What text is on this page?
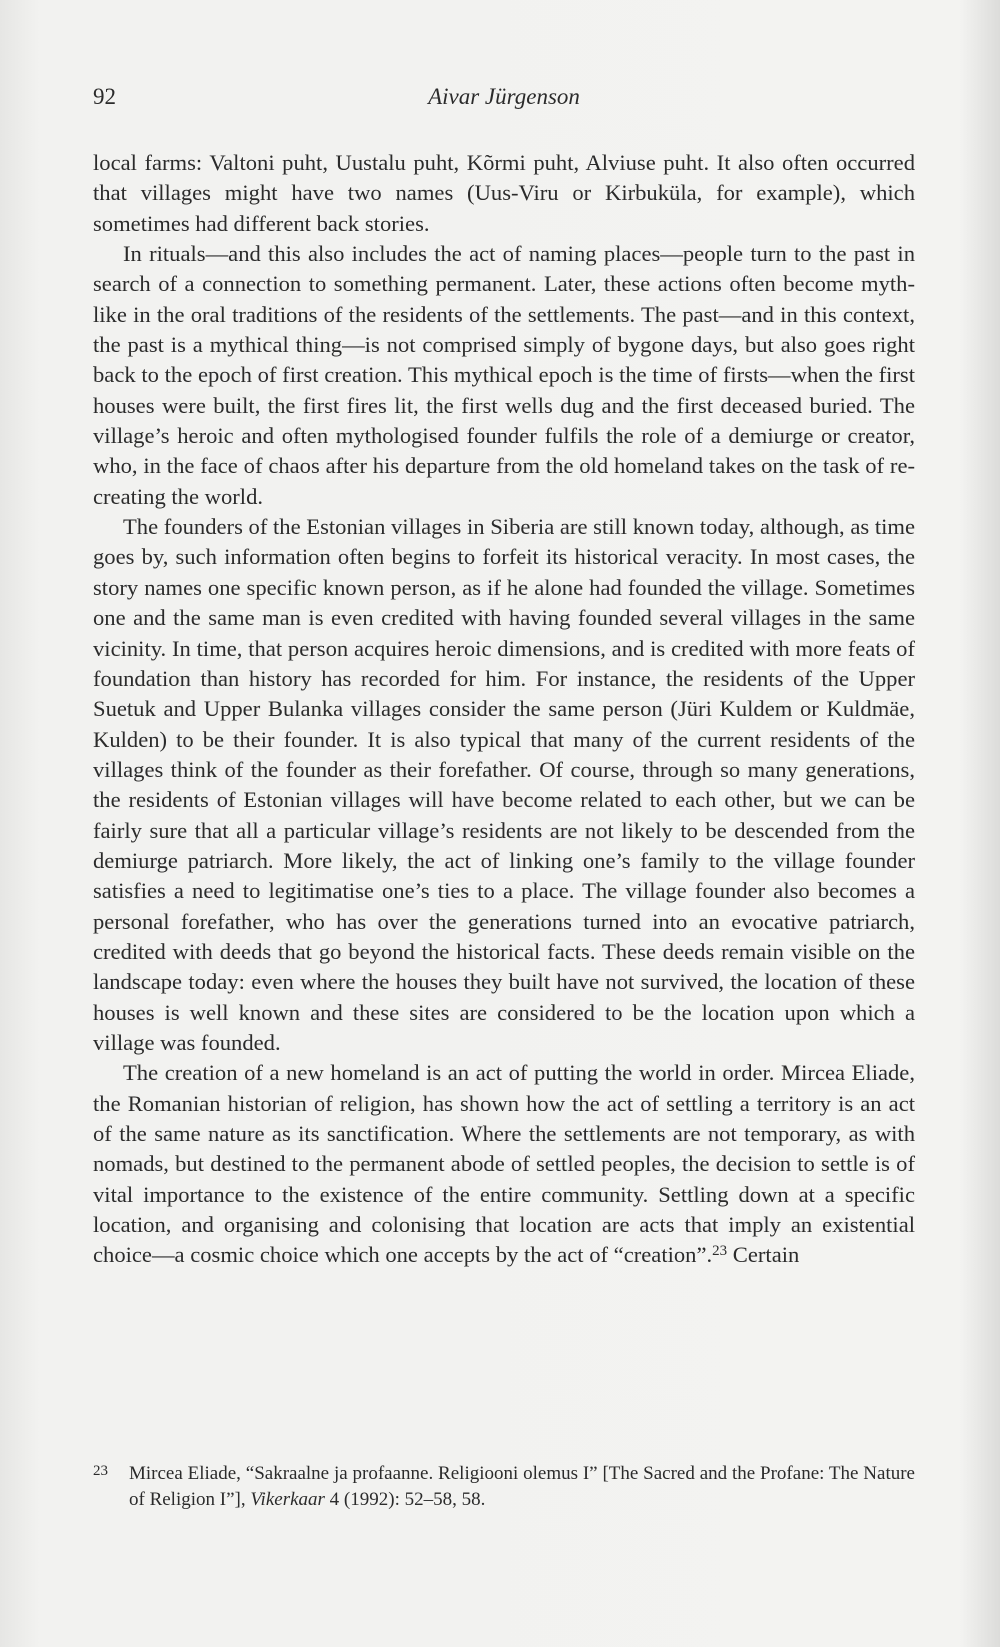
92	Aivar Jürgenson

local farms: Valtoni puht, Uustalu puht, Kõrmi puht, Alviuse puht. It also often occurred that villages might have two names (Uus-Viru or Kirbuküla, for example), which sometimes had different back stories.

In rituals—and this also includes the act of naming places—people turn to the past in search of a connection to something permanent. Later, these actions often become myth-like in the oral traditions of the residents of the settlements. The past—and in this context, the past is a mythical thing—is not comprised simply of bygone days, but also goes right back to the epoch of first creation. This mythical epoch is the time of firsts—when the first houses were built, the first fires lit, the first wells dug and the first deceased buried. The village’s heroic and often mythologised founder fulfils the role of a demiurge or creator, who, in the face of chaos after his departure from the old homeland takes on the task of re-creating the world.

The founders of the Estonian villages in Siberia are still known today, although, as time goes by, such information often begins to forfeit its historical veracity. In most cases, the story names one specific known person, as if he alone had founded the village. Sometimes one and the same man is even credited with having founded several villages in the same vicinity. In time, that person acquires heroic dimensions, and is credited with more feats of foundation than history has recorded for him. For instance, the residents of the Upper Suetuk and Upper Bulanka villages consider the same person (Jüri Kuldem or Kuldmäe, Kulden) to be their founder. It is also typical that many of the current residents of the villages think of the founder as their forefather. Of course, through so many generations, the residents of Estonian villages will have become related to each other, but we can be fairly sure that all a particular village’s residents are not likely to be descended from the demiurge patriarch. More likely, the act of linking one’s family to the village founder satisfies a need to legitimatise one’s ties to a place. The village founder also becomes a personal forefather, who has over the generations turned into an evocative patriarch, credited with deeds that go beyond the historical facts. These deeds remain visible on the landscape today: even where the houses they built have not survived, the location of these houses is well known and these sites are considered to be the location upon which a village was founded.

The creation of a new homeland is an act of putting the world in order. Mircea Eliade, the Romanian historian of religion, has shown how the act of settling a territory is an act of the same nature as its sanctification. Where the settlements are not temporary, as with nomads, but destined to the permanent abode of settled peoples, the decision to settle is of vital importance to the existence of the entire community. Settling down at a specific location, and organising and colonising that location are acts that imply an existential choice—a cosmic choice which one accepts by the act of “creation”.$^{23}$ Certain

23 Mircea Eliade, “Sakraalne ja profaanne. Religiooni olemus I” [The Sacred and the Profane: The Nature of Religion I”], Vikerkaar 4 (1992): 52–58, 58.
